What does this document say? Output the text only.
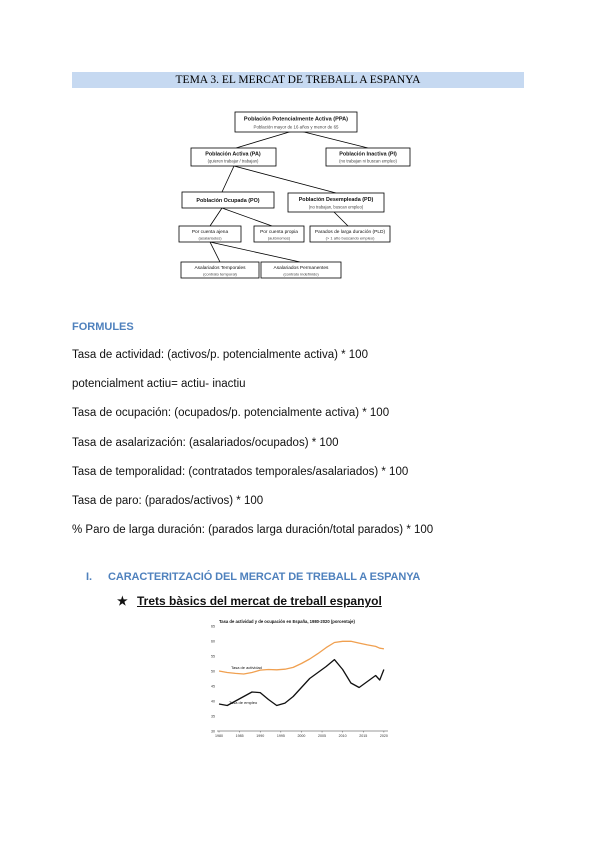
TEMA 3. EL MERCAT DE TREBALL A ESPANYA
Población Potencialmente Activa (PPA)
Población mayor de 16 años y menor de 65
Población Activa (PA)
(quieren trabajar / trabajan)
Población Inactiva (PI)
(no trabajan ni buscan empleo)
Población Ocupada (PO)	Población Desempleada (PD)
(no trabajan, buscan empleo)
Por cuenta ajena
(asalariados)
Por cuenta propia
(autónomos)
Parados de larga duración (PLD)
(> 1 año buscando empleo)
Asalariados Temporales
(contrato temporal)
Asalariados Permanentes
(contrato indefinido)
FORMULES
Tasa de actividad: (activos/p. potencialmente activa) * 100
potencialment actiu= actiu- inactiu
Tasa de ocupación: (ocupados/p. potencialmente activa) * 100
Tasa de asalarización: (asalariados/ocupados) * 100
Tasa de temporalidad: (contratados temporales/asalariados) * 100
Tasa de paro: (parados/activos) * 100
% Paro de larga duración: (parados larga duración/total parados) * 100
I. CARACTERITZACIÓ DEL MERCAT DE TREBALL A ESPANYA
★ Trets bàsics del mercat de treball espanyol
Tasa de actividad y de ocupación en España, 1980-2020 (porcentaje)
30
35
40
45
50
55
60
65
1980	1985	1990	1995	2000	2005	2010	2015	2020
Tasa de actividad
Tasa de empleo
